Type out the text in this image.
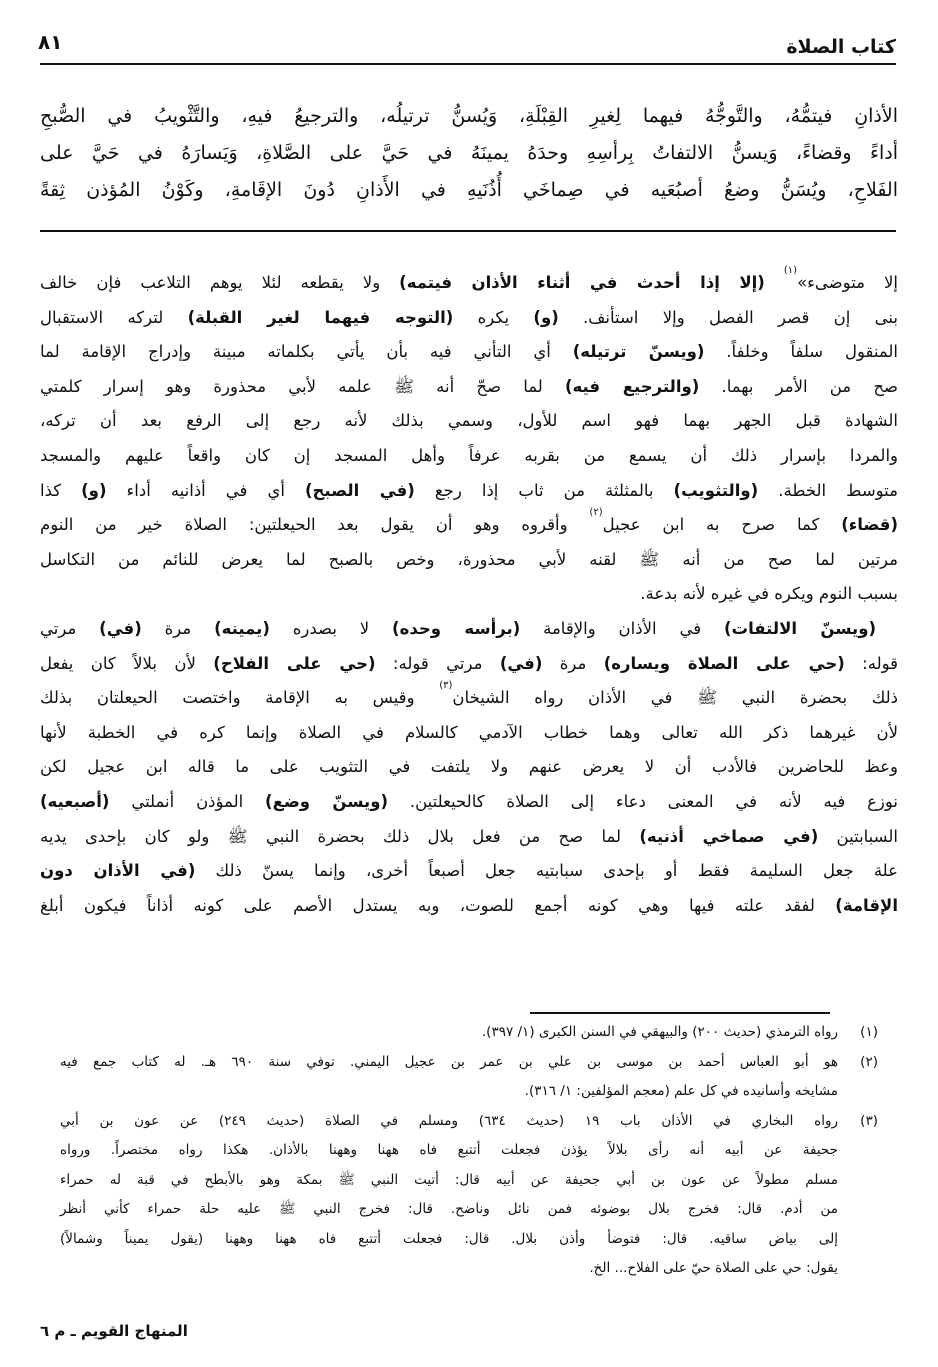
٨١	كتاب الصلاة
الأذانِ فيتمُّهُ، والتَّوجُّهُ فيهما لِغيرِ القِبْلَةِ، وَيُسنُّ ترتيلُه، والترجيعُ فيهِ، والتَّثْويبُ في الصُّبحِ
أداءً وقضاءً، وَيسنُّ الالتفاتُ بِرأسِهِ وحدَهُ يمينَهُ في حَيَّ على الصَّلاةِ، وَيَسارَهُ في حَيَّ على
الفَلاحِ، ويُسَنُّ وضعُ أصبُعَيه في صِماخَي أُذُنَيهِ في الأَذانِ دُونَ الإقَامةِ، وكَوْنُ المُؤذن ثِقةً
إلا متوضىء»$^{(١)}$ (إلا إذا أحدث في أثناء الأذان فيتمه) ولا يقطعه لئلا يوهم التلاعب فإن خالف
بنى إن قصر الفصل وإلا استأنف. (و) يكره (التوجه فيهما لغير القبلة) لتركه الاستقبال
المنقول سلفاً وخلفاً. (ويسنّ ترتيله) أي التأني فيه بأن يأتي بكلماته مبينة وإدراج الإقامة لما
صح من الأمر بهما. (والترجيع فيه) لما صحّ أنه ﷺ علمه لأبي محذورة وهو إسرار كلمتي
الشهادة قبل الجهر بهما فهو اسم للأول، وسمي بذلك لأنه رجع إلى الرفع بعد أن تركه،
والمردا بإسرار ذلك أن يسمع من بقربه عرفاً وأهل المسجد إن كان واقعاً عليهم والمسجد
متوسط الخطة. (والتثويب) بالمثلثة من ثاب إذا رجع (في الصبح) أي في أذانيه أداء (و) كذا
(قضاء) كما صرح به ابن عجيل$^{(٢)}$ وأقروه وهو أن يقول بعد الحيعلتين: الصلاة خير من النوم
مرتين لما صح من أنه ﷺ لقنه لأبي محذورة، وخص بالصبح لما يعرض للنائم من التكاسل
بسبب النوم ويكره في غيره لأنه بدعة.
(ويسنّ الالتفات) في الأذان والإقامة (برأسه وحده) لا بصدره (يمينه) مرة (في) مرتي
قوله: (حي على الصلاة ويساره) مرة (في) مرتي قوله: (حي على الفلاح) لأن بلالاً كان يفعل
ذلك بحضرة النبي ﷺ في الأذان رواه الشيخان$^{(٣)}$ وقيس به الإقامة واختصت الحيعلتان بذلك
لأن غيرهما ذكر الله تعالى وهما خطاب الآدمي كالسلام في الصلاة وإنما كره في الخطبة لأنها
وعظ للحاضرين فالأدب أن لا يعرض عنهم ولا يلتفت في التثويب على ما قاله ابن عجيل لكن
نوزع فيه لأنه في المعنى دعاء إلى الصلاة كالحيعلتين. (ويسنّ وضع) المؤذن أنملتي (أصبعيه)
السبابتين (في صماخي أذنيه) لما صح من فعل بلال ذلك بحضرة النبي ﷺ ولو كان بإحدى يديه
علة جعل السليمة فقط أو بإحدى سبابتيه جعل أصبعاً أخرى، وإنما يسنّ ذلك (في الأذان دون
الإقامة) لفقد علته فيها وهي كونه أجمع للصوت، وبه يستدل الأصم على كونه أذاناً فيكون أبلغ
(١)
رواه الترمذي (حديث ٢٠٠) والبيهقي في السنن الكبرى (١/ ٣٩٧).
(٢)
هو أبو العباس أحمد بن موسى بن علي بن عمر بن عجيل اليمني. توفي سنة ٦٩٠ هـ. له كتاب جمع فيه
مشايخه وأسانيده في كل علم (معجم المؤلفين: ١/ ٣١٦).
(٣)
رواه البخاري في الأذان باب ١٩ (حديث ٦٣٤) ومسلم في الصلاة (حديث ٢٤٩) عن عون بن أبي
جحيفة عن أبيه أنه رأى بلالاً يؤذن فجعلت أتتبع فاه ههنا وههنا بالأذان. هكذا رواه مختصراً. ورواه
مسلم مطولاً عن عون بن أبي جحيفة عن أبيه قال: أتيت النبي ﷺ بمكة وهو بالأبطح في قبة له حمراء
من أدم. قال: فخرج بلال بوضوئه فمن نائل وناضح. قال: فخرج النبي ﷺ عليه حلة حمراء كأني أنظر
إلى بياض ساقيه. قال: فتوضأ وأذن بلال. قال: فجعلت أتتبع فاه ههنا وههنا (يقول يميناً وشمالاً)
يقول: حي على الصلاة حيّ على الفلاح... الخ.
المنهاج القويم ـ م ٦
